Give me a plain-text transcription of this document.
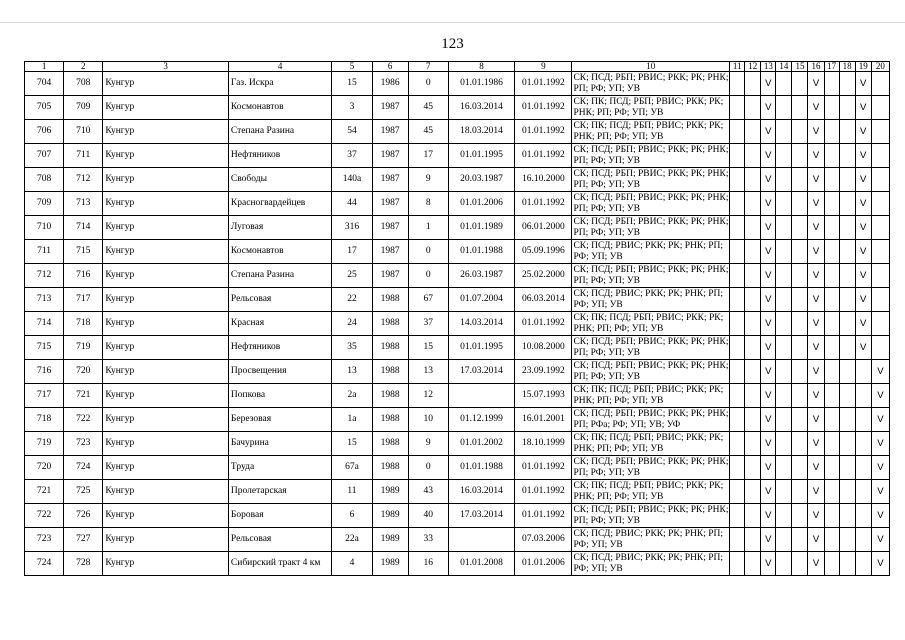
123
1	2	3	4	5	6	7	8	9	10	11	12	13	14	15	16	17	18	19	20
704	708	Кунгур	Газ. Искра	15	1986	0	01.01.1986	01.01.1992	СК; ПСД; РБП; РВИС; РКК; РК; РНК; РП; РФ; УП; УВ			V			V			V	
705	709	Кунгур	Космонавтов	3	1987	45	16.03.2014	01.01.1992	СК; ПК; ПСД; РБП; РВИС; РКК; РК; РНК; РП; РФ; УП; УВ			V			V			V	
706	710	Кунгур	Степана Разина	54	1987	45	18.03.2014	01.01.1992	СК; ПК; ПСД; РБП; РВИС; РКК; РК; РНК; РП; РФ; УП; УВ			V			V			V	
707	711	Кунгур	Нефтяников	37	1987	17	01.01.1995	01.01.1992	СК; ПСД; РБП; РВИС; РКК; РК; РНК; РП; РФ; УП; УВ			V			V			V	
708	712	Кунгур	Свободы	140а	1987	9	20.03.1987	16.10.2000	СК; ПСД; РБП; РВИС; РКК; РК; РНК; РП; РФ; УП; УВ			V			V			V	
709	713	Кунгур	Красногвардейцев	44	1987	8	01.01.2006	01.01.1992	СК; ПСД; РБП; РВИС; РКК; РК; РНК; РП; РФ; УП; УВ			V			V			V	
710	714	Кунгур	Луговая	316	1987	1	01.01.1989	06.01.2000	СК; ПСД; РБП; РВИС; РКК; РК; РНК; РП; РФ; УП; УВ			V			V			V	
711	715	Кунгур	Космонавтов	17	1987	0	01.01.1988	05.09.1996	СК; ПСД; РВИС; РКК; РК; РНК; РП; РФ; УП; УВ			V			V			V	
712	716	Кунгур	Степана Разина	25	1987	0	26.03.1987	25.02.2000	СК; ПСД; РБП; РВИС; РКК; РК; РНК; РП; РФ; УП; УВ			V			V			V	
713	717	Кунгур	Рельсовая	22	1988	67	01.07.2004	06.03.2014	СК; ПСД; РВИС; РКК; РК; РНК; РП; РФ; УП; УВ			V			V			V	
714	718	Кунгур	Красная	24	1988	37	14.03.2014	01.01.1992	СК; ПК; ПСД; РБП; РВИС; РКК; РК; РНК; РП; РФ; УП; УВ			V			V			V	
715	719	Кунгур	Нефтяников	35	1988	15	01.01.1995	10.08.2000	СК; ПСД; РБП; РВИС; РКК; РК; РНК; РП; РФ; УП; УВ			V			V			V	
716	720	Кунгур	Просвещения	13	1988	13	17.03.2014	23.09.1992	СК; ПСД; РБП; РВИС; РКК; РК; РНК; РП; РФ; УП; УВ			V			V				V
717	721	Кунгур	Попкова	2а	1988	12		15.07.1993	СК; ПК; ПСД; РБП; РВИС; РКК; РК; РНК; РП; РФ; УП; УВ			V			V				V
718	722	Кунгур	Березовая	1а	1988	10	01.12.1999	16.01.2001	СК; ПСД; РБП; РВИС; РКК; РК; РНК; РП; РФа; РФ; УП; УВ; УФ			V			V				V
719	723	Кунгур	Бачурина	15	1988	9	01.01.2002	18.10.1999	СК; ПК; ПСД; РБП; РВИС; РКК; РК; РНК; РП; РФ; УП; УВ			V			V				V
720	724	Кунгур	Труда	67а	1988	0	01.01.1988	01.01.1992	СК; ПСД; РБП; РВИС; РКК; РК; РНК; РП; РФ; УП; УВ			V			V				V
721	725	Кунгур	Пролетарская	11	1989	43	16.03.2014	01.01.1992	СК; ПК; ПСД; РБП; РВИС; РКК; РК; РНК; РП; РФ; УП; УВ			V			V				V
722	726	Кунгур	Боровая	6	1989	40	17.03.2014	01.01.1992	СК; ПСД; РБП; РВИС; РКК; РК; РНК; РП; РФ; УП; УВ			V			V				V
723	727	Кунгур	Рельсовая	22а	1989	33		07.03.2006	СК; ПСД; РВИС; РКК; РК; РНК; РП; РФ; УП; УВ			V			V				V
724	728	Кунгур	Сибирский тракт 4 км	4	1989	16	01.01.2008	01.01.2006	СК; ПСД; РВИС; РКК; РК; РНК; РП; РФ; УП; УВ			V			V				V
